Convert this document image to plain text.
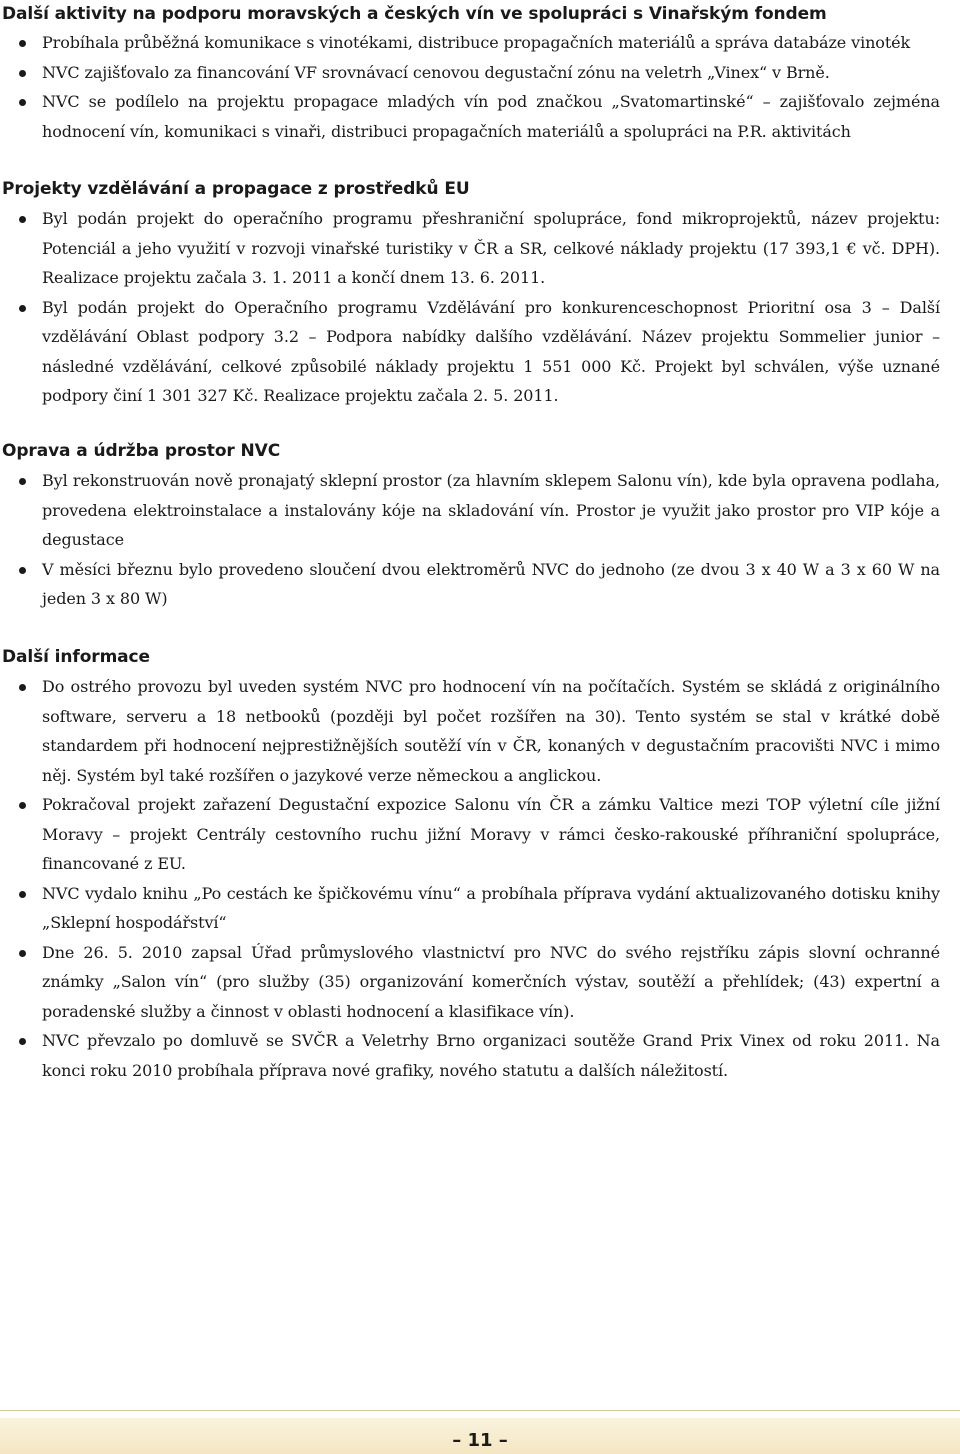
Další aktivity na podporu moravských a českých vín ve spolupráci s Vinařským fondem
Probíhala průběžná komunikace s vinotékami, distribuce propagačních materiálů a správa databáze vinoték
NVC zajišťovalo za financování VF srovnávací cenovou degustační zónu na veletrh „Vinex“ v Brně.
NVC se podílelo na projektu propagace mladých vín pod značkou „Svatomartinské“ – zajišťovalo zejména hodnocení vín, komunikaci s vinaři, distribuci propagačních materiálů a spolupráci na P.R. aktivitách
Projekty vzdělávání a propagace z prostředků EU
Byl podán projekt do operačního programu přeshraniční spolupráce, fond mikroprojektů, název projektu: Potenciál a jeho využití v rozvoji vinařské turistiky v ČR a SR, celkové náklady projektu (17 393,1 € vč. DPH). Realizace projektu začala 3. 1. 2011 a končí dnem 13. 6. 2011.
Byl podán projekt do Operačního programu Vzdělávání pro konkurenceschopnost Prioritní osa 3 – Další vzdělávání Oblast podpory 3.2 – Podpora nabídky dalšího vzdělávání. Název projektu Sommelier junior – následné vzdělávání, celkové způsobilé náklady projektu 1 551 000 Kč. Projekt byl schválen, výše uznané podpory činí 1 301 327 Kč. Realizace projektu začala 2. 5. 2011.
Oprava a údržba prostor NVC
Byl rekonstruován nově pronajatý sklepní prostor (za hlavním sklepem Salonu vín), kde byla opravena podlaha, provedena elektroinstalace a instalovány kóje na skladování vín. Prostor je využit jako prostor pro VIP kóje a degustace
V měsíci březnu bylo provedeno sloučení dvou elektroměrů NVC do jednoho (ze dvou 3 x 40 W a 3 x 60 W na jeden 3 x 80 W)
Další informace
Do ostrého provozu byl uveden systém NVC pro hodnocení vín na počítačích. Systém se skládá z originálního software, serveru a 18 netbooků (později byl počet rozšířen na 30). Tento systém se stal v krátké době standardem při hodnocení nejprestižnějších soutěží vín v ČR, konaných v degustačním pracovišti NVC i mimo něj. Systém byl také rozšířen o jazykové verze německou a anglickou.
Pokračoval projekt zařazení Degustační expozice Salonu vín ČR a zámku Valtice mezi TOP výletní cíle jižní Moravy – projekt Centrály cestovního ruchu jižní Moravy v rámci česko-rakouské příhraniční spolupráce, financované z EU.
NVC vydalo knihu „Po cestách ke špičkovému vínu“ a probíhala příprava vydání aktualizovaného dotisku knihy „Sklepní hospodářství“
Dne 26. 5. 2010 zapsal Úřad průmyslového vlastnictví pro NVC do svého rejstříku zápis slovní ochranné známky „Salon vín“ (pro služby (35) organizování komerčních výstav, soutěží a přehlídek; (43) expertní a poradenské služby a činnost v oblasti hodnocení a klasifikace vín).
NVC převzalo po domluvě se SVČR a Veletrhy Brno organizaci soutěže Grand Prix Vinex od roku 2011. Na konci roku 2010 probíhala příprava nové grafiky, nového statutu a dalších náležitostí.
– 11 –
